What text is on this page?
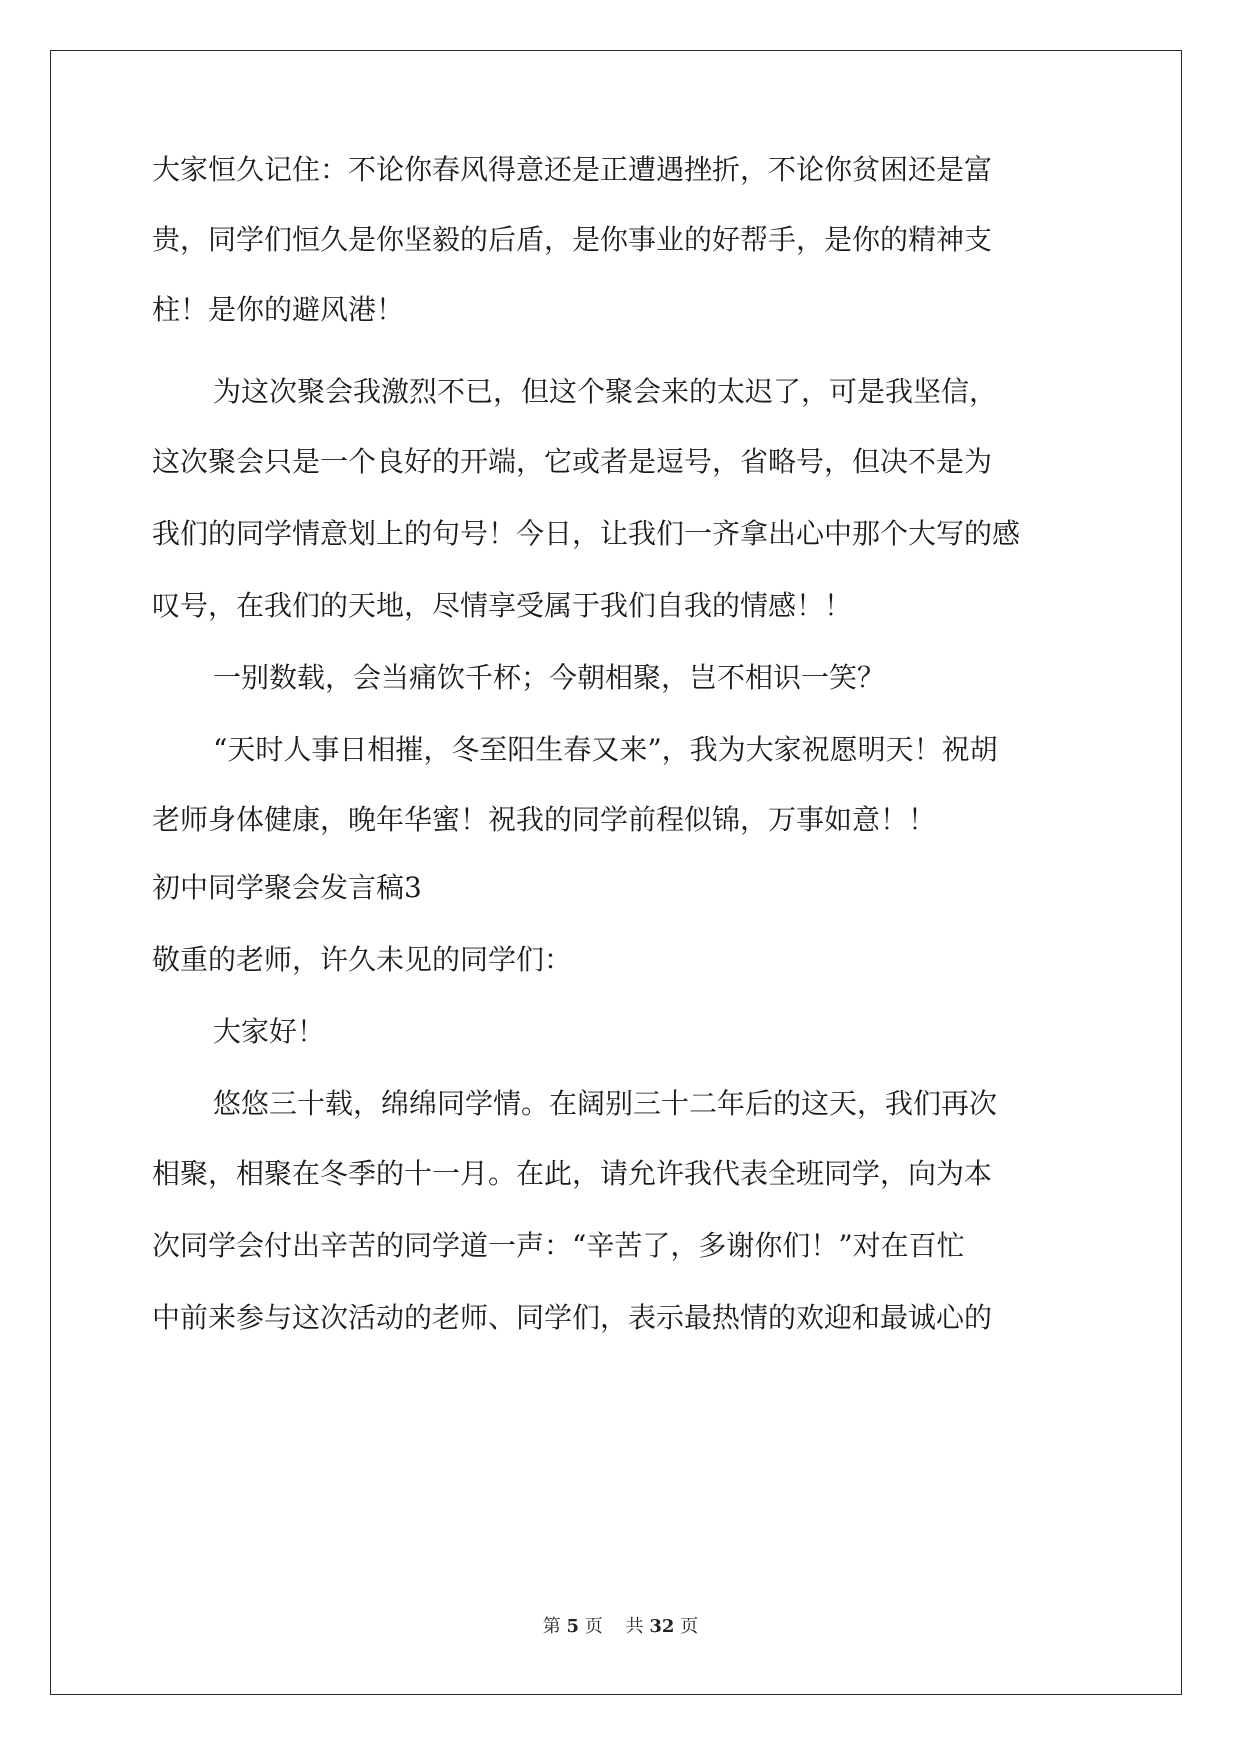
大家恒久记住：不论你春风得意还是正遭遇挫折，不论你贫困还是富
贵，同学们恒久是你坚毅的后盾，是你事业的好帮手，是你的精神支
柱！是你的避风港！
为这次聚会我激烈不已，但这个聚会来的太迟了，可是我坚信，
这次聚会只是一个良好的开端，它或者是逗号，省略号，但决不是为
我们的同学情意划上的句号！今日，让我们一齐拿出心中那个大写的感
叹号，在我们的天地，尽情享受属于我们自我的情感！！
一别数载，会当痛饮千杯；今朝相聚，岂不相识一笑？
“天时人事日相摧，冬至阳生春又来”，我为大家祝愿明天！祝胡
老师身体健康，晚年华蜜！祝我的同学前程似锦，万事如意！！
初中同学聚会发言稿3
敬重的老师，许久未见的同学们：
大家好！
悠悠三十载，绵绵同学情。在阔别三十二年后的这天，我们再次
相聚，相聚在冬季的十一月。在此，请允许我代表全班同学，向为本
次同学会付出辛苦的同学道一声：“辛苦了，多谢你们！”对在百忙
中前来参与这次活动的老师、同学们，表示最热情的欢迎和最诚心的
第 5 页 共 32 页
